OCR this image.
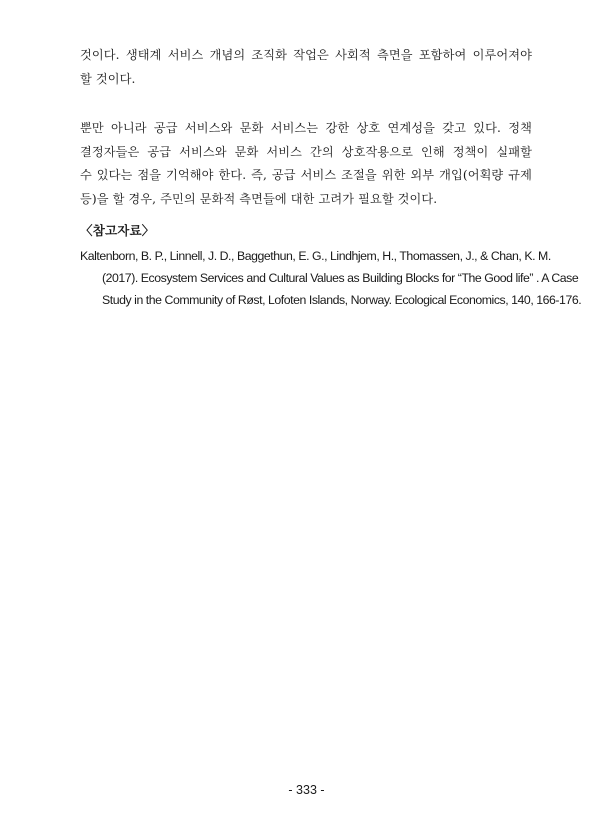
것이다. 생태계 서비스 개념의 조직화 작업은 사회적 측면을 포함하여 이루어져야
할 것이다.
뿐만 아니라 공급 서비스와 문화 서비스는 강한 상호 연계성을 갖고 있다. 정책
결정자들은 공급 서비스와 문화 서비스 간의 상호작용으로 인해 정책이 실패할
수 있다는 점을 기억해야 한다. 즉, 공급 서비스 조절을 위한 외부 개입(어획량 규제
등)을 할 경우, 주민의 문화적 측면들에 대한 고려가 필요할 것이다.

〈참고자료〉

Kaltenborn, B. P., Linnell, J. D., Baggethun, E. G., Lindhjem, H., Thomassen, J., & Chan, K. M.
(2017). Ecosystem Services and Cultural Values as Building Blocks for “The Good life” . A Case
Study in the Community of Røst, Lofoten Islands, Norway. Ecological Economics, 140, 166-176.

- 333 -
